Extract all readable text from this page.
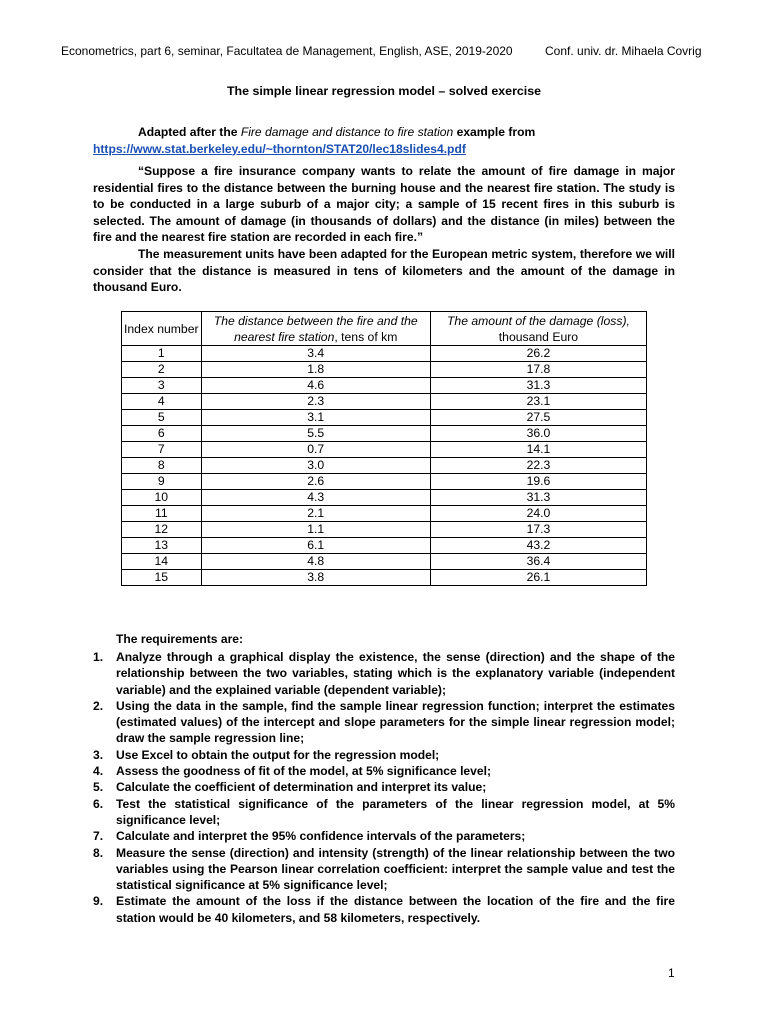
Econometrics, part 6, seminar, Facultatea de Management, English, ASE, 2019-2020	Conf. univ. dr. Mihaela Covrig
The simple linear regression model – solved exercise
Adapted after the Fire damage and distance to fire station example from
https://www.stat.berkeley.edu/~thornton/STAT20/lec18slides4.pdf
“Suppose a fire insurance company wants to relate the amount of fire damage in major residential fires to the distance between the burning house and the nearest fire station. The study is to be conducted in a large suburb of a major city; a sample of 15 recent fires in this suburb is selected. The amount of damage (in thousands of dollars) and the distance (in miles) between the fire and the nearest fire station are recorded in each fire.”
The measurement units have been adapted for the European metric system, therefore we will consider that the distance is measured in tens of kilometers and the amount of the damage in thousand Euro.
Index number	The distance between the fire and the nearest fire station, tens of km	The amount of the damage (loss),
thousand Euro
1	3.4	26.2
2	1.8	17.8
3	4.6	31.3
4	2.3	23.1
5	3.1	27.5
6	5.5	36.0
7	0.7	14.1
8	3.0	22.3
9	2.6	19.6
10	4.3	31.3
11	2.1	24.0
12	1.1	17.3
13	6.1	43.2
14	4.8	36.4
15	3.8	26.1
The requirements are:
1. Analyze through a graphical display the existence, the sense (direction) and the shape of the relationship between the two variables, stating which is the explanatory variable (independent variable) and the explained variable (dependent variable);
2. Using the data in the sample, find the sample linear regression function; interpret the estimates (estimated values) of the intercept and slope parameters for the simple linear regression model; draw the sample regression line;
3. Use Excel to obtain the output for the regression model;
4. Assess the goodness of fit of the model, at 5% significance level;
5. Calculate the coefficient of determination and interpret its value;
6. Test the statistical significance of the parameters of the linear regression model, at 5% significance level;
7. Calculate and interpret the 95% confidence intervals of the parameters;
8. Measure the sense (direction) and intensity (strength) of the linear relationship between the two variables using the Pearson linear correlation coefficient: interpret the sample value and test the statistical significance at 5% significance level;
9. Estimate the amount of the loss if the distance between the location of the fire and the fire station would be 40 kilometers, and 58 kilometers, respectively.
1
